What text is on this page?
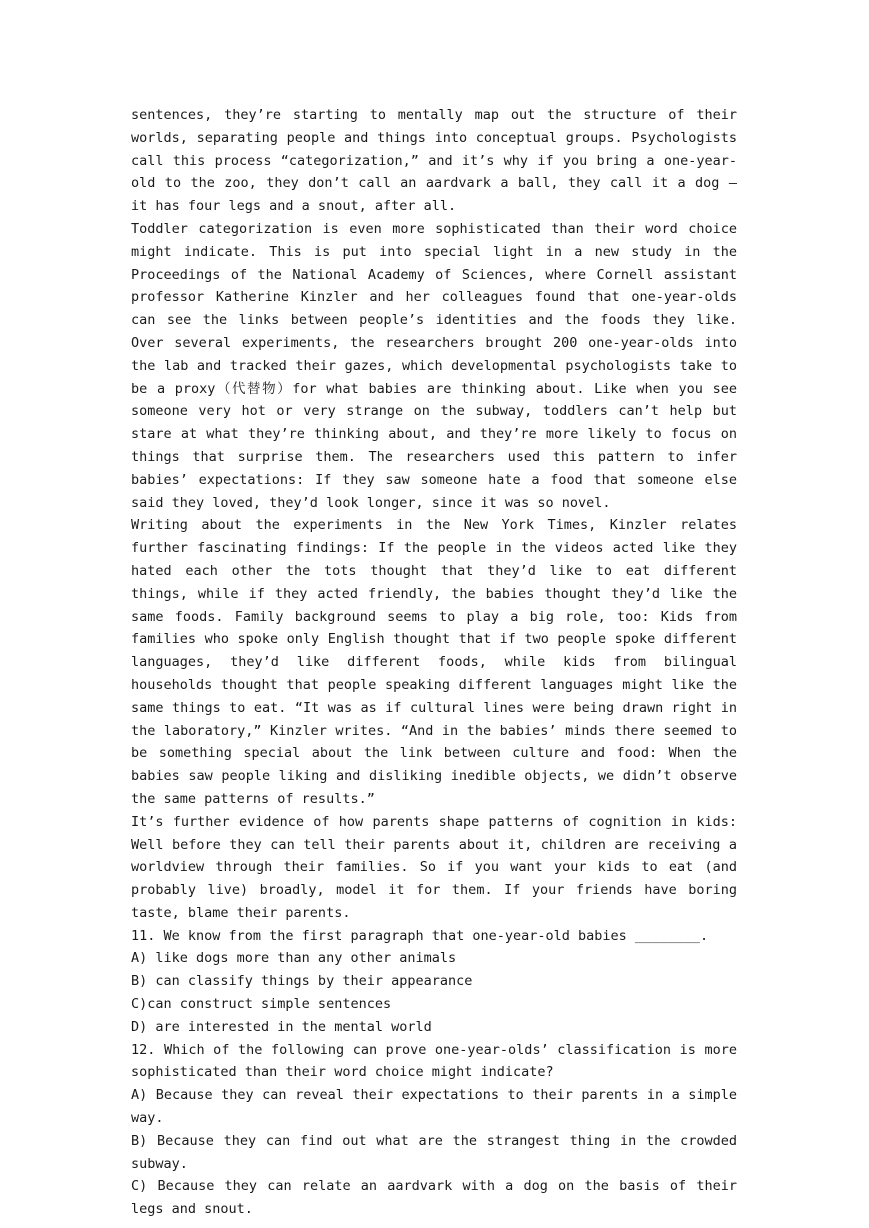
sentences, they’re starting to mentally map out the structure of their worlds, separating people and things into conceptual groups. Psychologists call this process “categorization,” and it’s why if you bring a one-year-old to the zoo, they don’t call an aardvark a ball, they call it a dog — it has four legs and a snout, after all.

Toddler categorization is even more sophisticated than their word choice might indicate. This is put into special light in a new study in the Proceedings of the National Academy of Sciences, where Cornell assistant professor Katherine Kinzler and her colleagues found that one-year-olds can see the links between people’s identities and the foods they like. Over several experiments, the researchers brought 200 one-year-olds into the lab and tracked their gazes, which developmental psychologists take to be a proxy（代替物）for what babies are thinking about. Like when you see someone very hot or very strange on the subway, toddlers can’t help but stare at what they’re thinking about, and they’re more likely to focus on things that surprise them. The researchers used this pattern to infer babies’ expectations: If they saw someone hate a food that someone else said they loved, they’d look longer, since it was so novel.

Writing about the experiments in the New York Times, Kinzler relates further fascinating findings: If the people in the videos acted like they hated each other the tots thought that they’d like to eat different things, while if they acted friendly, the babies thought they’d like the same foods. Family background seems to play a big role, too: Kids from families who spoke only English thought that if two people spoke different languages, they’d like different foods, while kids from bilingual households thought that people speaking different languages might like the same things to eat. “It was as if cultural lines were being drawn right in the laboratory,” Kinzler writes. “And in the babies’ minds there seemed to be something special about the link between culture and food: When the babies saw people liking and disliking inedible objects, we didn’t observe the same patterns of results.”

It’s further evidence of how parents shape patterns of cognition in kids: Well before they can tell their parents about it, children are receiving a worldview through their families. So if you want your kids to eat (and probably live) broadly, model it for them. If your friends have boring taste, blame their parents.

11. We know from the first paragraph that one-year-old babies ________.

A) like dogs more than any other animals

B) can classify things by their appearance

C)can construct simple sentences

D) are interested in the mental world

12. Which of the following can prove one-year-olds’ classification is more sophisticated than their word choice might indicate?

A) Because they can reveal their expectations to their parents in a simple way.

B) Because they can find out what are the strangest thing in the crowded subway.

C) Because they can relate an aardvark with a dog on the basis of their legs and snout.
